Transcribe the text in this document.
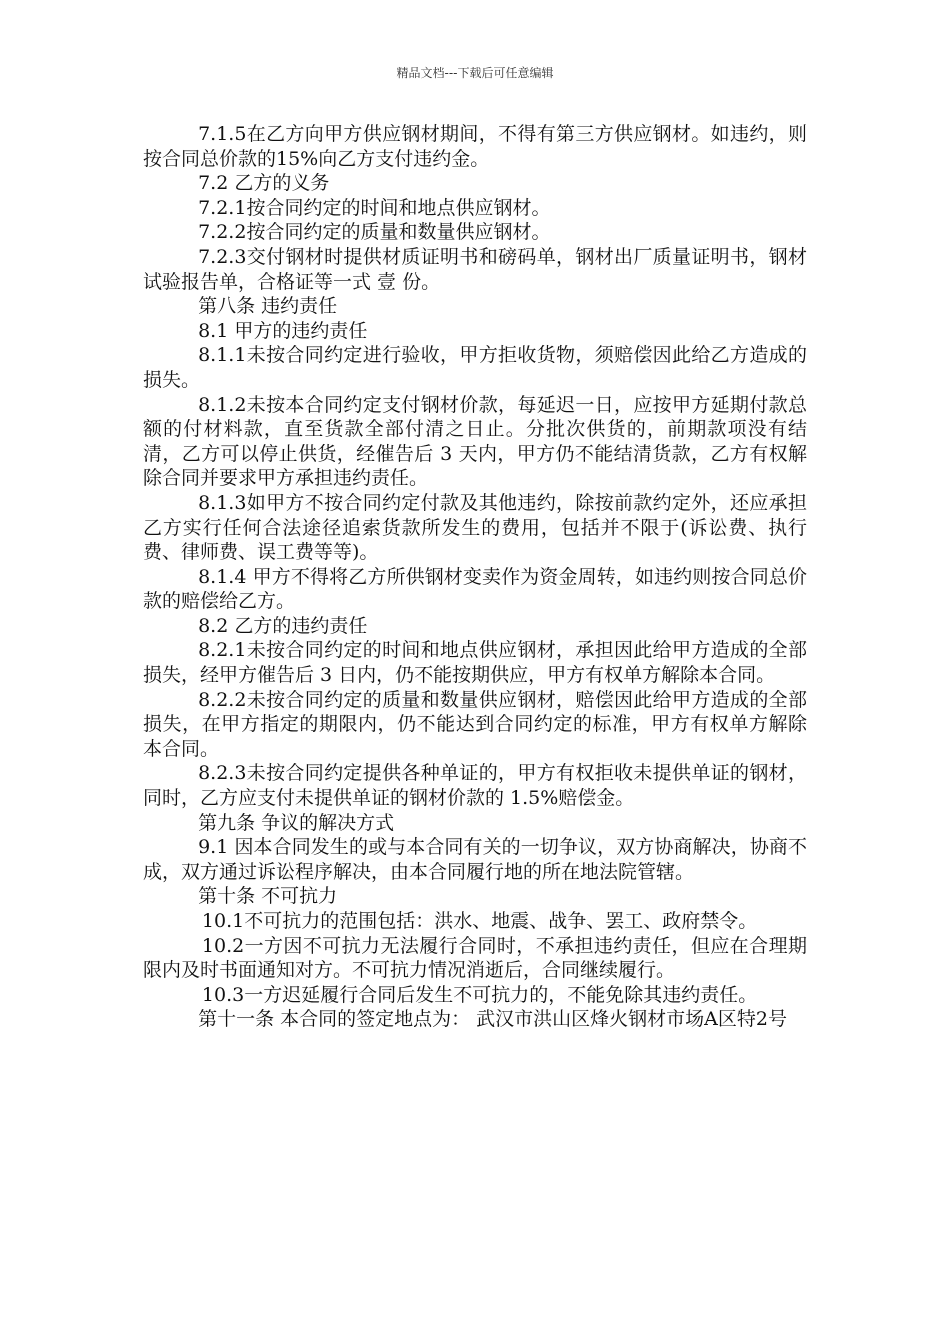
精品文档---下载后可任意编辑

7.1.5在乙方向甲方供应钢材期间，不得有第三方供应钢材。如违约，则按合同总价款的15%向乙方支付违约金。

7.2 乙方的义务

7.2.1按合同约定的时间和地点供应钢材。

7.2.2按合同约定的质量和数量供应钢材。

7.2.3交付钢材时提供材质证明书和磅码单，钢材出厂质量证明书，钢材试验报告单，合格证等一式 壹 份。

第八条 违约责任

8.1 甲方的违约责任

8.1.1未按合同约定进行验收，甲方拒收货物，须赔偿因此给乙方造成的损失。

8.1.2未按本合同约定支付钢材价款，每延迟一日，应按甲方延期付款总额的付材料款，直至货款全部付清之日止。分批次供货的，前期款项没有结清，乙方可以停止供货，经催告后 3 天内，甲方仍不能结清货款，乙方有权解除合同并要求甲方承担违约责任。

8.1.3如甲方不按合同约定付款及其他违约，除按前款约定外，还应承担乙方实行任何合法途径追索货款所发生的费用，包括并不限于(诉讼费、执行费、律师费、误工费等等)。

8.1.4 甲方不得将乙方所供钢材变卖作为资金周转，如违约则按合同总价款的赔偿给乙方。

8.2 乙方的违约责任

8.2.1未按合同约定的时间和地点供应钢材，承担因此给甲方造成的全部损失，经甲方催告后 3 日内，仍不能按期供应，甲方有权单方解除本合同。

8.2.2未按合同约定的质量和数量供应钢材，赔偿因此给甲方造成的全部损失，在甲方指定的期限内，仍不能达到合同约定的标准，甲方有权单方解除本合同。

8.2.3未按合同约定提供各种单证的，甲方有权拒收未提供单证的钢材，同时，乙方应支付未提供单证的钢材价款的 1.5%赔偿金。

第九条 争议的解决方式

9.1 因本合同发生的或与本合同有关的一切争议，双方协商解决，协商不成，双方通过诉讼程序解决，由本合同履行地的所在地法院管辖。

第十条 不可抗力

10.1不可抗力的范围包括：洪水、地震、战争、罢工、政府禁令。

10.2一方因不可抗力无法履行合同时，不承担违约责任，但应在合理期限内及时书面通知对方。不可抗力情况消逝后，合同继续履行。

10.3一方迟延履行合同后发生不可抗力的，不能免除其违约责任。

第十一条 本合同的签定地点为： 武汉市洪山区烽火钢材市场A区特2号
